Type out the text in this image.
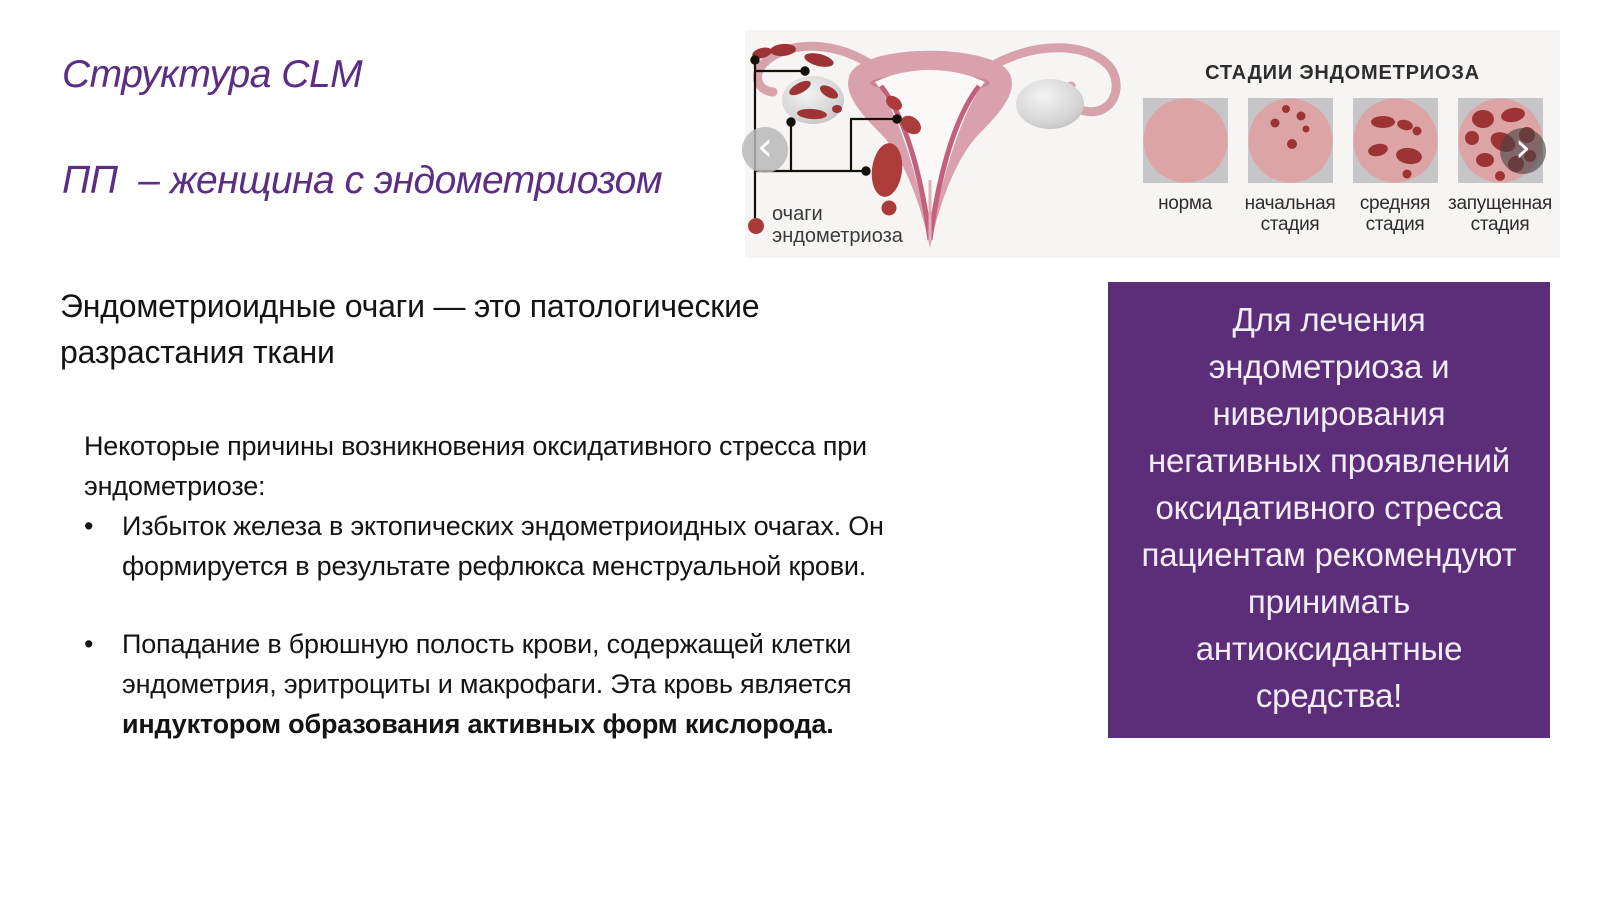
Структура CLM
ПП  – женщина с эндометриозом
очаги
эндометриоза
СТАДИИ ЭНДОМЕТРИОЗА
норма начальная стадия
средняя стадия
запущенная стадия
‹	›
Эндометриоидные очаги — это патологические разрастания ткани

Некоторые причины возникновения оксидативного стресса при эндометриозе:

•	Избыток железа в эктопических эндометриоидных очагах. Он формируется в результате рефлюкса менструальной крови.
•	Попадание в брюшную полость крови, содержащей клетки эндометрия, эритроциты и макрофаги. Эта кровь является индуктором образования активных форм кислорода.
Для лечения эндометриоза и нивелирования негативных проявлений оксидативного стресса пациентам рекомендуют принимать антиоксидантные средства!
